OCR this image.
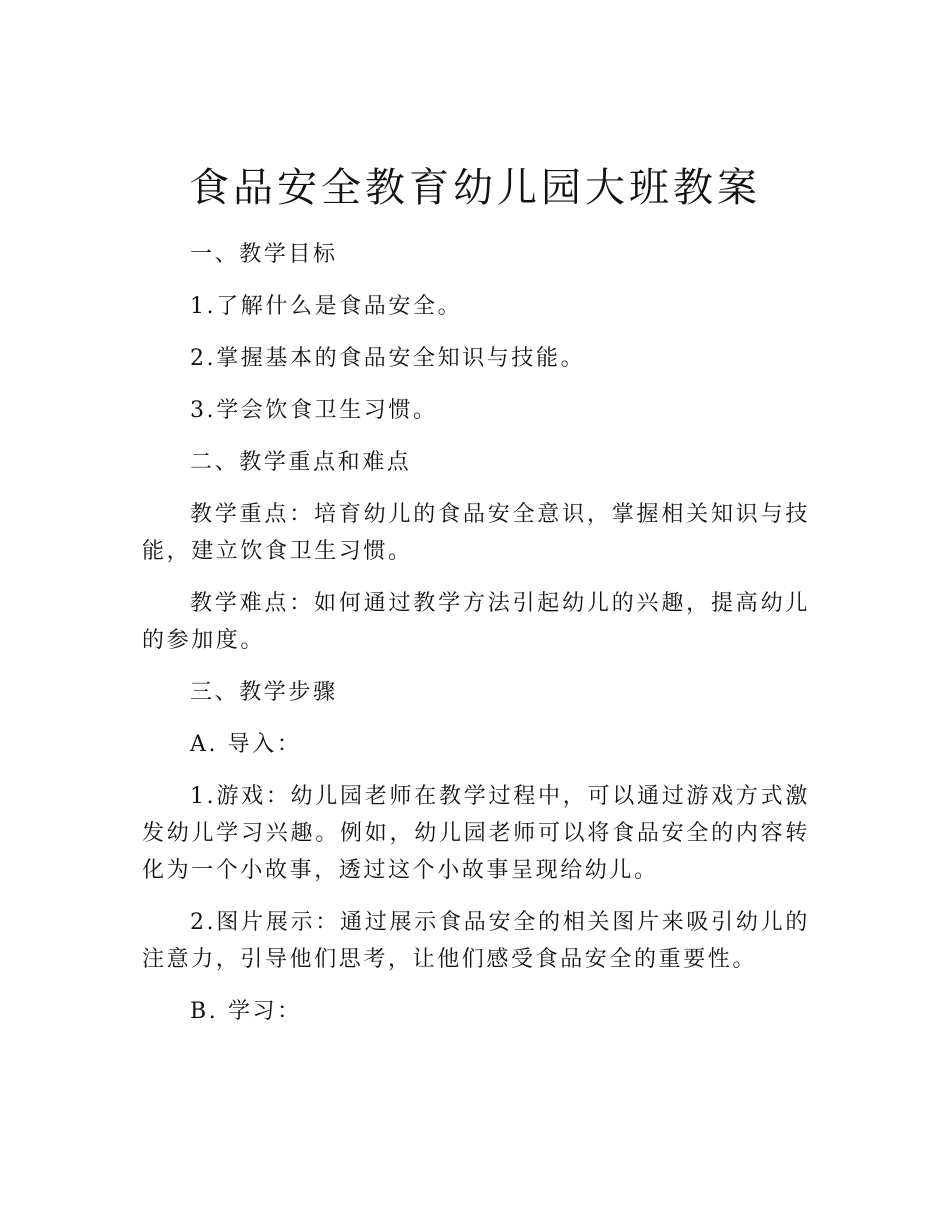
食品安全教育幼儿园大班教案

一、教学目标

1.了解什么是食品安全。

2.掌握基本的食品安全知识与技能。

3.学会饮食卫生习惯。

二、教学重点和难点

教学重点：培育幼儿的食品安全意识，掌握相关知识与技能，建立饮食卫生习惯。

教学难点：如何通过教学方法引起幼儿的兴趣，提高幼儿的参加度。

三、教学步骤

A. 导入：

1.游戏：幼儿园老师在教学过程中，可以通过游戏方式激发幼儿学习兴趣。例如，幼儿园老师可以将食品安全的内容转化为一个小故事，透过这个小故事呈现给幼儿。

2.图片展示：通过展示食品安全的相关图片来吸引幼儿的注意力，引导他们思考，让他们感受食品安全的重要性。

B. 学习：
